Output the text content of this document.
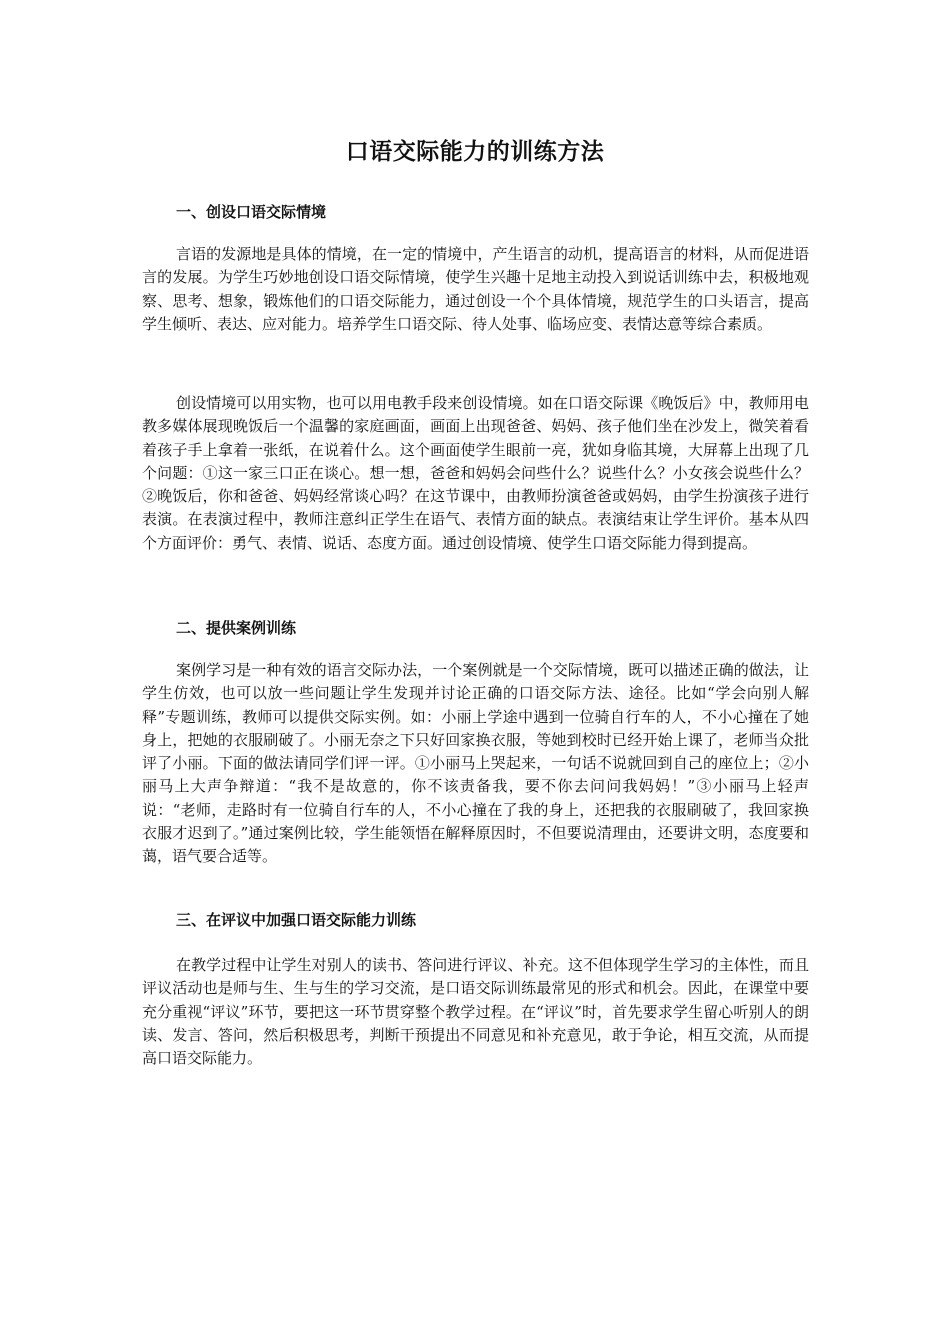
口语交际能力的训练方法
一、创设口语交际情境

言语的发源地是具体的情境，在一定的情境中，产生语言的动机，提高语言的材料，从而促进语言的发展。为学生巧妙地创设口语交际情境，使学生兴趣十足地主动投入到说话训练中去，积极地观察、思考、想象，锻炼他们的口语交际能力，通过创设一个个具体情境，规范学生的口头语言，提高学生倾听、表达、应对能力。培养学生口语交际、待人处事、临场应变、表情达意等综合素质。

创设情境可以用实物，也可以用电教手段来创设情境。如在口语交际课《晚饭后》中，教师用电教多媒体展现晚饭后一个温馨的家庭画面，画面上出现爸爸、妈妈、孩子他们坐在沙发上，微笑着看着孩子手上拿着一张纸，在说着什么。这个画面使学生眼前一亮，犹如身临其境，大屏幕上出现了几个问题：①这一家三口正在谈心。想一想，爸爸和妈妈会问些什么？说些什么？小女孩会说些什么？②晚饭后，你和爸爸、妈妈经常谈心吗？在这节课中，由教师扮演爸爸或妈妈，由学生扮演孩子进行表演。在表演过程中，教师注意纠正学生在语气、表情方面的缺点。表演结束让学生评价。基本从四个方面评价：勇气、表情、说话、态度方面。通过创设情境、使学生口语交际能力得到提高。

二、提供案例训练

案例学习是一种有效的语言交际办法，一个案例就是一个交际情境，既可以描述正确的做法，让学生仿效，也可以放一些问题让学生发现并讨论正确的口语交际方法、途径。比如“学会向别人解释”专题训练，教师可以提供交际实例。如：小丽上学途中遇到一位骑自行车的人，不小心撞在了她身上，把她的衣服刷破了。小丽无奈之下只好回家换衣服，等她到校时已经开始上课了，老师当众批评了小丽。下面的做法请同学们评一评。①小丽马上哭起来，一句话不说就回到自己的座位上；②小丽马上大声争辩道：“我不是故意的，你不该责备我，要不你去问问我妈妈！”③小丽马上轻声说：“老师，走路时有一位骑自行车的人，不小心撞在了我的身上，还把我的衣服刷破了，我回家换衣服才迟到了。”通过案例比较，学生能领悟在解释原因时，不但要说清理由，还要讲文明，态度要和蔼，语气要合适等。

三、在评议中加强口语交际能力训练

在教学过程中让学生对别人的读书、答问进行评议、补充。这不但体现学生学习的主体性，而且评议活动也是师与生、生与生的学习交流，是口语交际训练最常见的形式和机会。因此，在课堂中要充分重视“评议”环节，要把这一环节贯穿整个教学过程。在“评议”时，首先要求学生留心听别人的朗读、发言、答问，然后积极思考，判断干预提出不同意见和补充意见，敢于争论，相互交流，从而提高口语交际能力。
